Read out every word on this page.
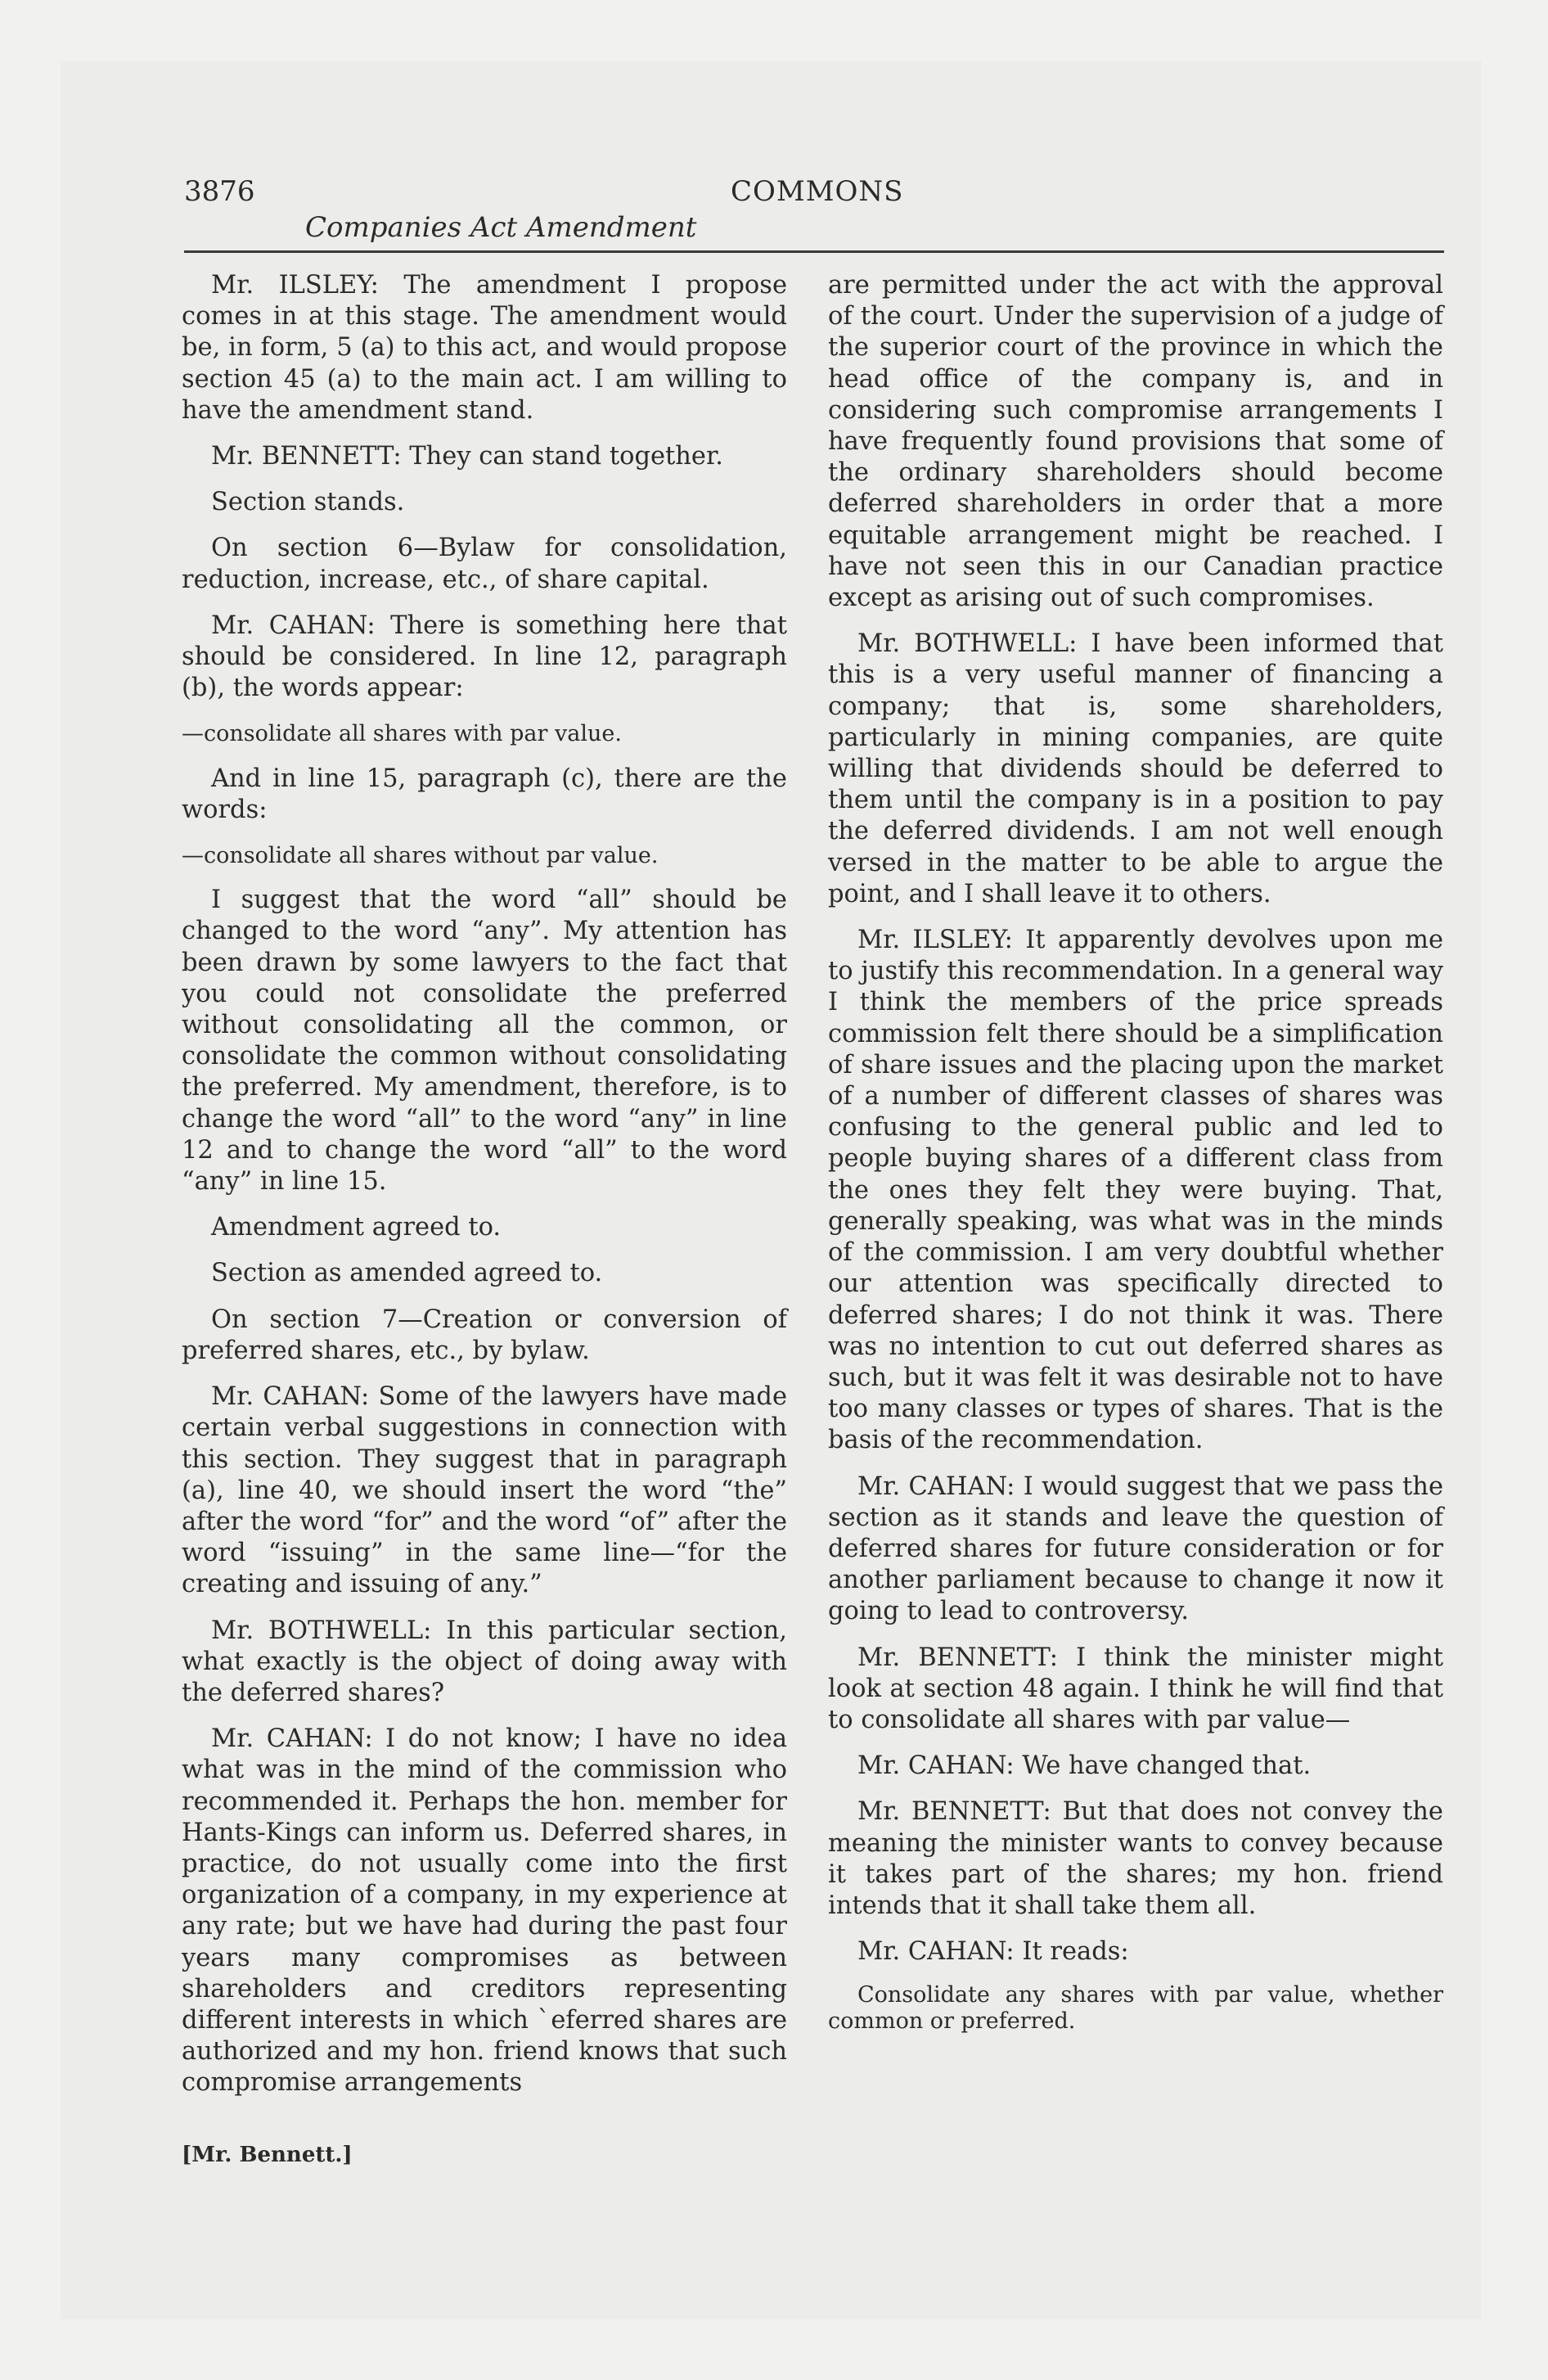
3876
Companies Act Amendment
COMMONS

Mr. ILSLEY: The amendment I propose comes in at this stage. The amendment would be, in form, 5 (a) to this act, and would propose section 45 (a) to the main act. I am willing to have the amendment stand.

Mr. BENNETT: They can stand together.

Section stands.

On section 6—Bylaw for consolidation, reduction, increase, etc., of share capital.

Mr. CAHAN: There is something here that should be considered. In line 12, paragraph (b), the words appear:

—consolidate all shares with par value.

And in line 15, paragraph (c), there are the words:

—consolidate all shares without par value.

I suggest that the word “all” should be changed to the word “any”. My attention has been drawn by some lawyers to the fact that you could not consolidate the preferred without consolidating all the common, or consolidate the common without consolidating the preferred. My amendment, therefore, is to change the word “all” to the word “any” in line 12 and to change the word “all” to the word “any” in line 15.

Amendment agreed to.

Section as amended agreed to.

On section 7—Creation or conversion of preferred shares, etc., by bylaw.

Mr. CAHAN: Some of the lawyers have made certain verbal suggestions in connection with this section. They suggest that in paragraph (a), line 40, we should insert the word “the” after the word “for” and the word “of” after the word “issuing” in the same line—“for the creating and issuing of any.”

Mr. BOTHWELL: In this particular section, what exactly is the object of doing away with the deferred shares?

Mr. CAHAN: I do not know; I have no idea what was in the mind of the commission who recommended it. Perhaps the hon. member for Hants-Kings can inform us. Deferred shares, in practice, do not usually come into the first organization of a company, in my experience at any rate; but we have had during the past four years many compromises as between shareholders and creditors representing different interests in which ˋeferred shares are authorized and my hon. friend knows that such compromise arrangements

are permitted under the act with the approval of the court. Under the supervision of a judge of the superior court of the province in which the head office of the company is, and in considering such compromise arrangements I have frequently found provisions that some of the ordinary shareholders should become deferred shareholders in order that a more equitable arrangement might be reached. I have not seen this in our Canadian practice except as arising out of such compromises.

Mr. BOTHWELL: I have been informed that this is a very useful manner of financing a company; that is, some shareholders, particularly in mining companies, are quite willing that dividends should be deferred to them until the company is in a position to pay the deferred dividends. I am not well enough versed in the matter to be able to argue the point, and I shall leave it to others.

Mr. ILSLEY: It apparently devolves upon me to justify this recommendation. In a general way I think the members of the price spreads commission felt there should be a simplification of share issues and the placing upon the market of a number of different classes of shares was confusing to the general public and led to people buying shares of a different class from the ones they felt they were buying. That, generally speaking, was what was in the minds of the commission. I am very doubtful whether our attention was specifically directed to deferred shares; I do not think it was. There was no intention to cut out deferred shares as such, but it was felt it was desirable not to have too many classes or types of shares. That is the basis of the recommendation.

Mr. CAHAN: I would suggest that we pass the section as it stands and leave the question of deferred shares for future consideration or for another parliament because to change it now it going to lead to controversy.

Mr. BENNETT: I think the minister might look at section 48 again. I think he will find that to consolidate all shares with par value—

Mr. CAHAN: We have changed that.

Mr. BENNETT: But that does not convey the meaning the minister wants to convey because it takes part of the shares; my hon. friend intends that it shall take them all.

Mr. CAHAN: It reads:

Consolidate any shares with par value, whether common or preferred.

[Mr. Bennett.]
